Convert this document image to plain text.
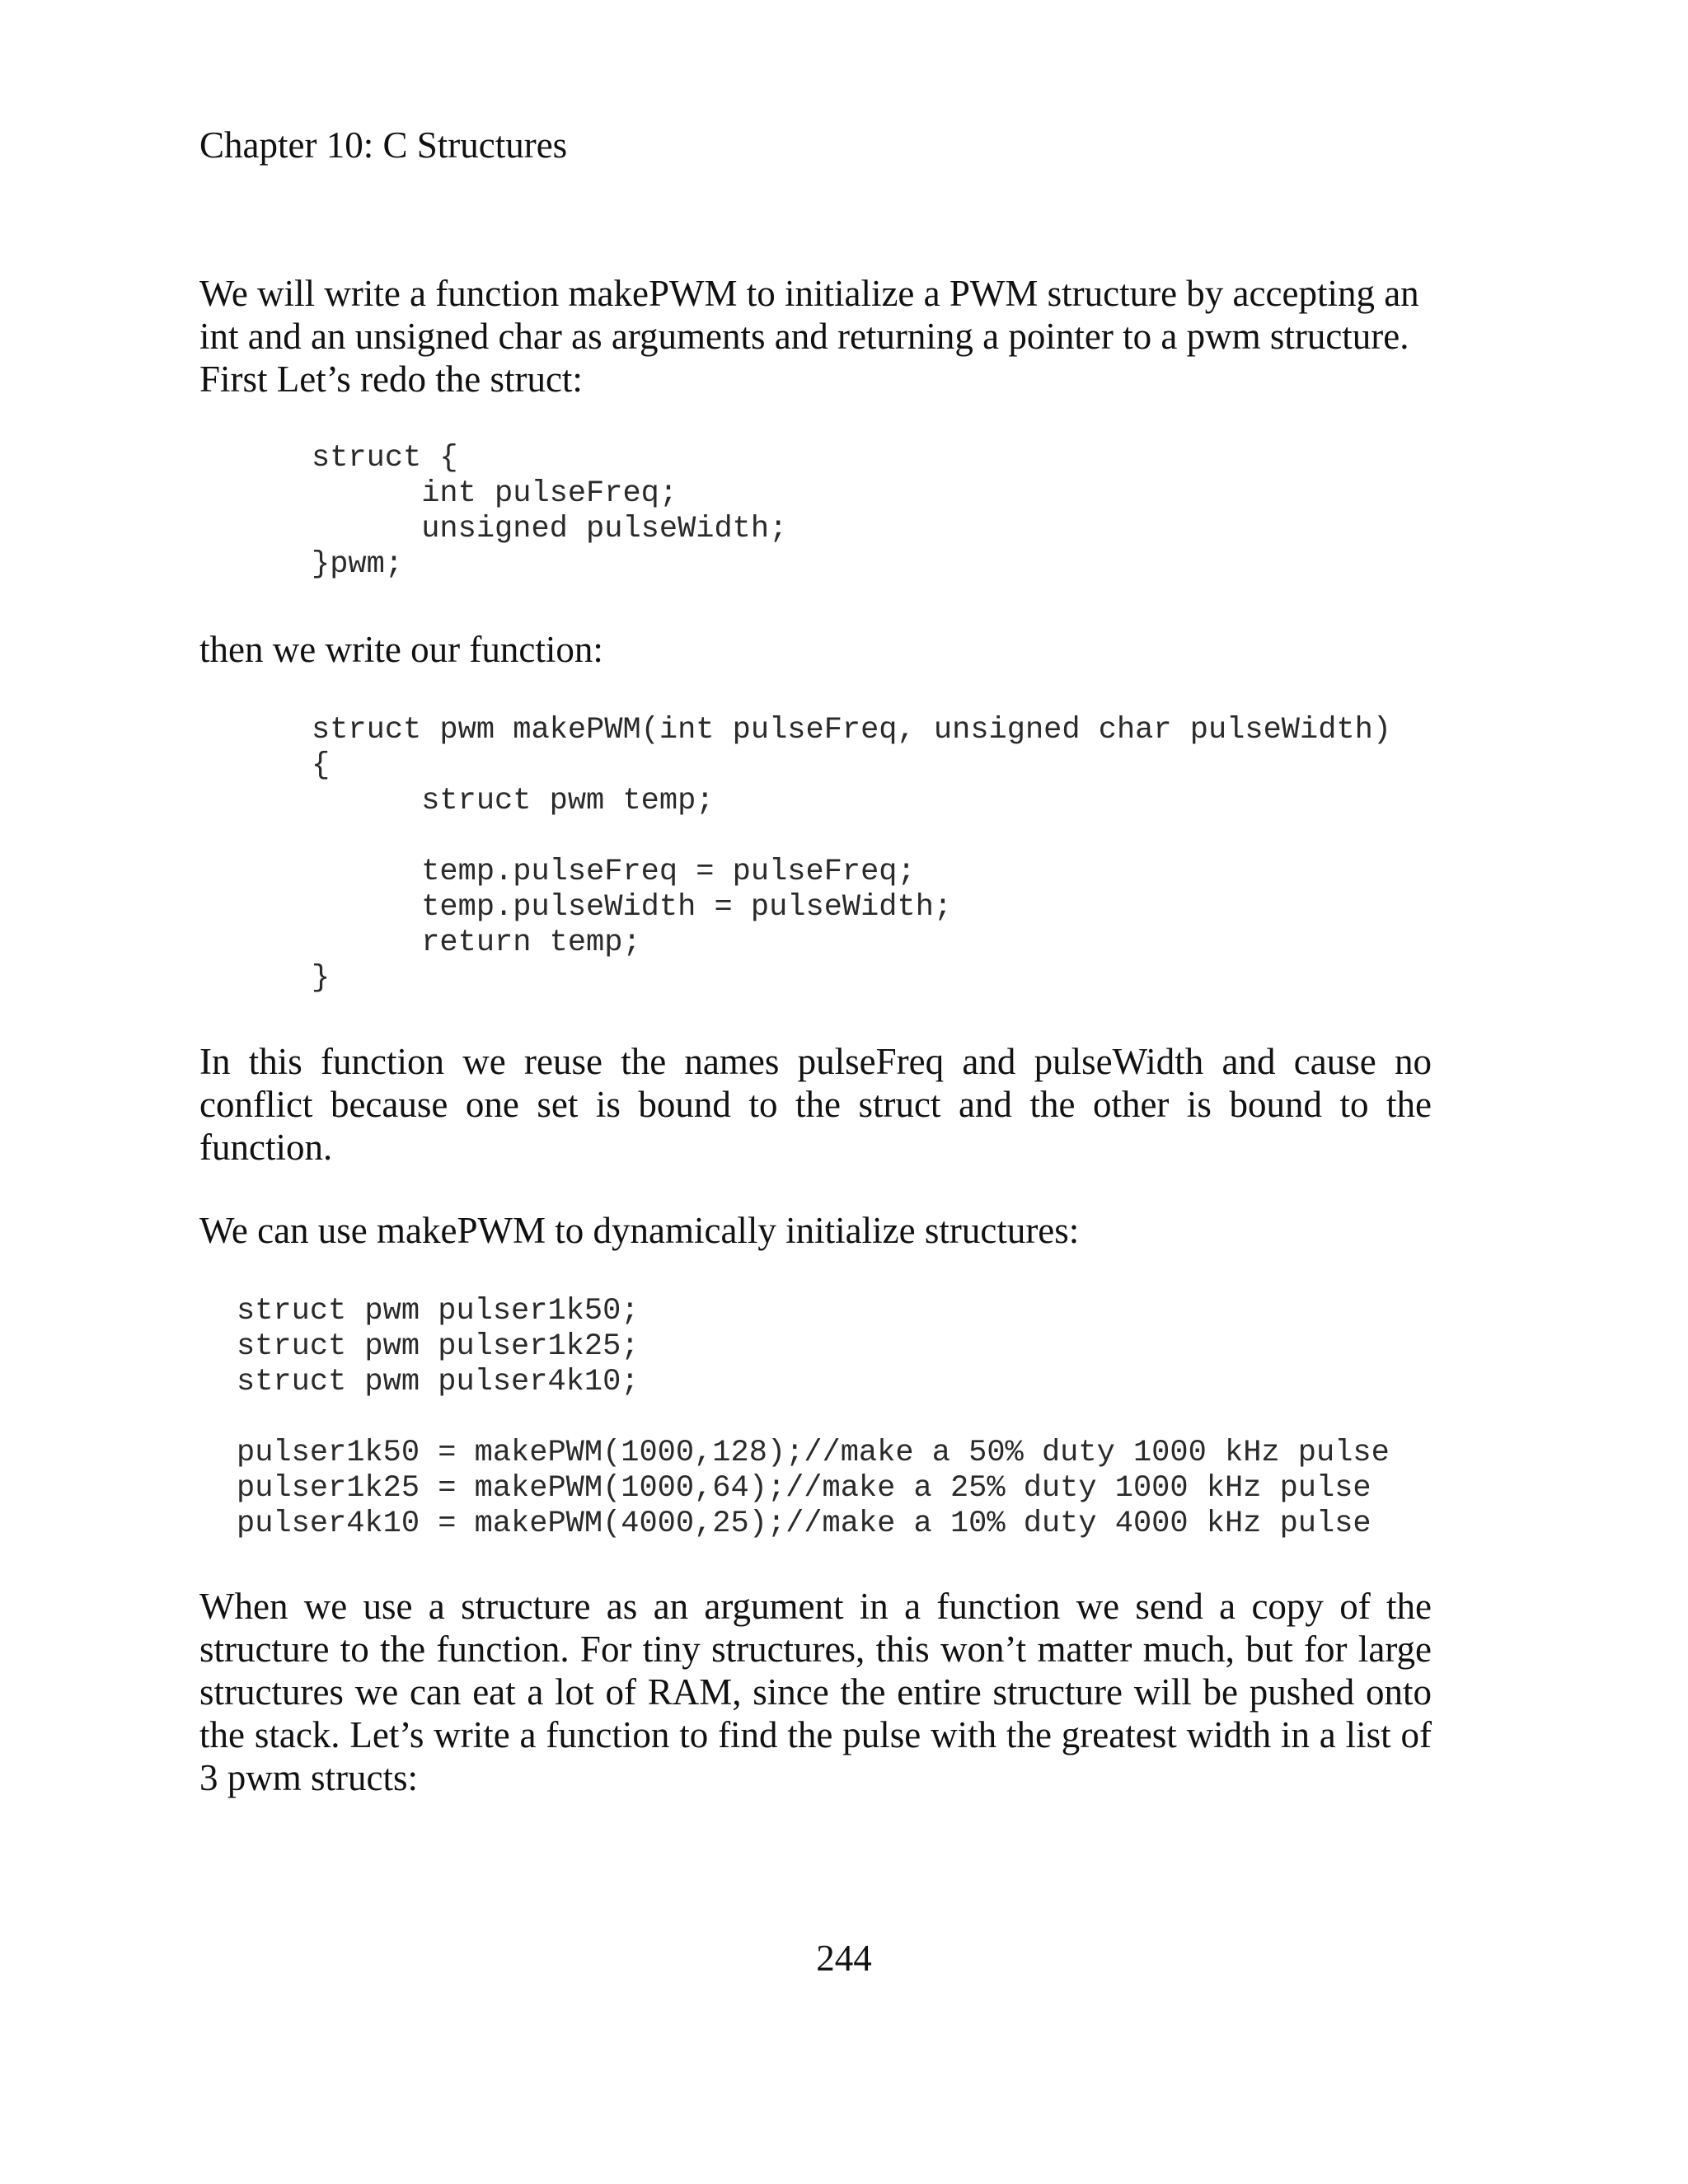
Chapter 10: C Structures

We will write a function makePWM to initialize a PWM structure by accepting an
int and an unsigned char as arguments and returning a pointer to a pwm structure.
First Let’s redo the struct:

struct {
int pulseFreq;
unsigned pulseWidth;
}pwm;

then we write our function:

struct pwm makePWM(int pulseFreq, unsigned char pulseWidth)
{
struct pwm temp;

temp.pulseFreq = pulseFreq;
temp.pulseWidth = pulseWidth;
return temp;
}

In this function we reuse the names pulseFreq and pulseWidth and cause no
conflict because one set is bound to the struct and the other is bound to the
function.

We can use makePWM to dynamically initialize structures:

struct pwm pulser1k50;
struct pwm pulser1k25;
struct pwm pulser4k10;

pulser1k50 = makePWM(1000,128);//make a 50% duty 1000 kHz pulse
pulser1k25 = makePWM(1000,64);//make a 25% duty 1000 kHz pulse
pulser4k10 = makePWM(4000,25);//make a 10% duty 4000 kHz pulse

When we use a structure as an argument in a function we send a copy of the
structure to the function. For tiny structures, this won’t matter much, but for large
structures we can eat a lot of RAM, since the entire structure will be pushed onto
the stack. Let’s write a function to find the pulse with the greatest width in a list of
3 pwm structs:

244
